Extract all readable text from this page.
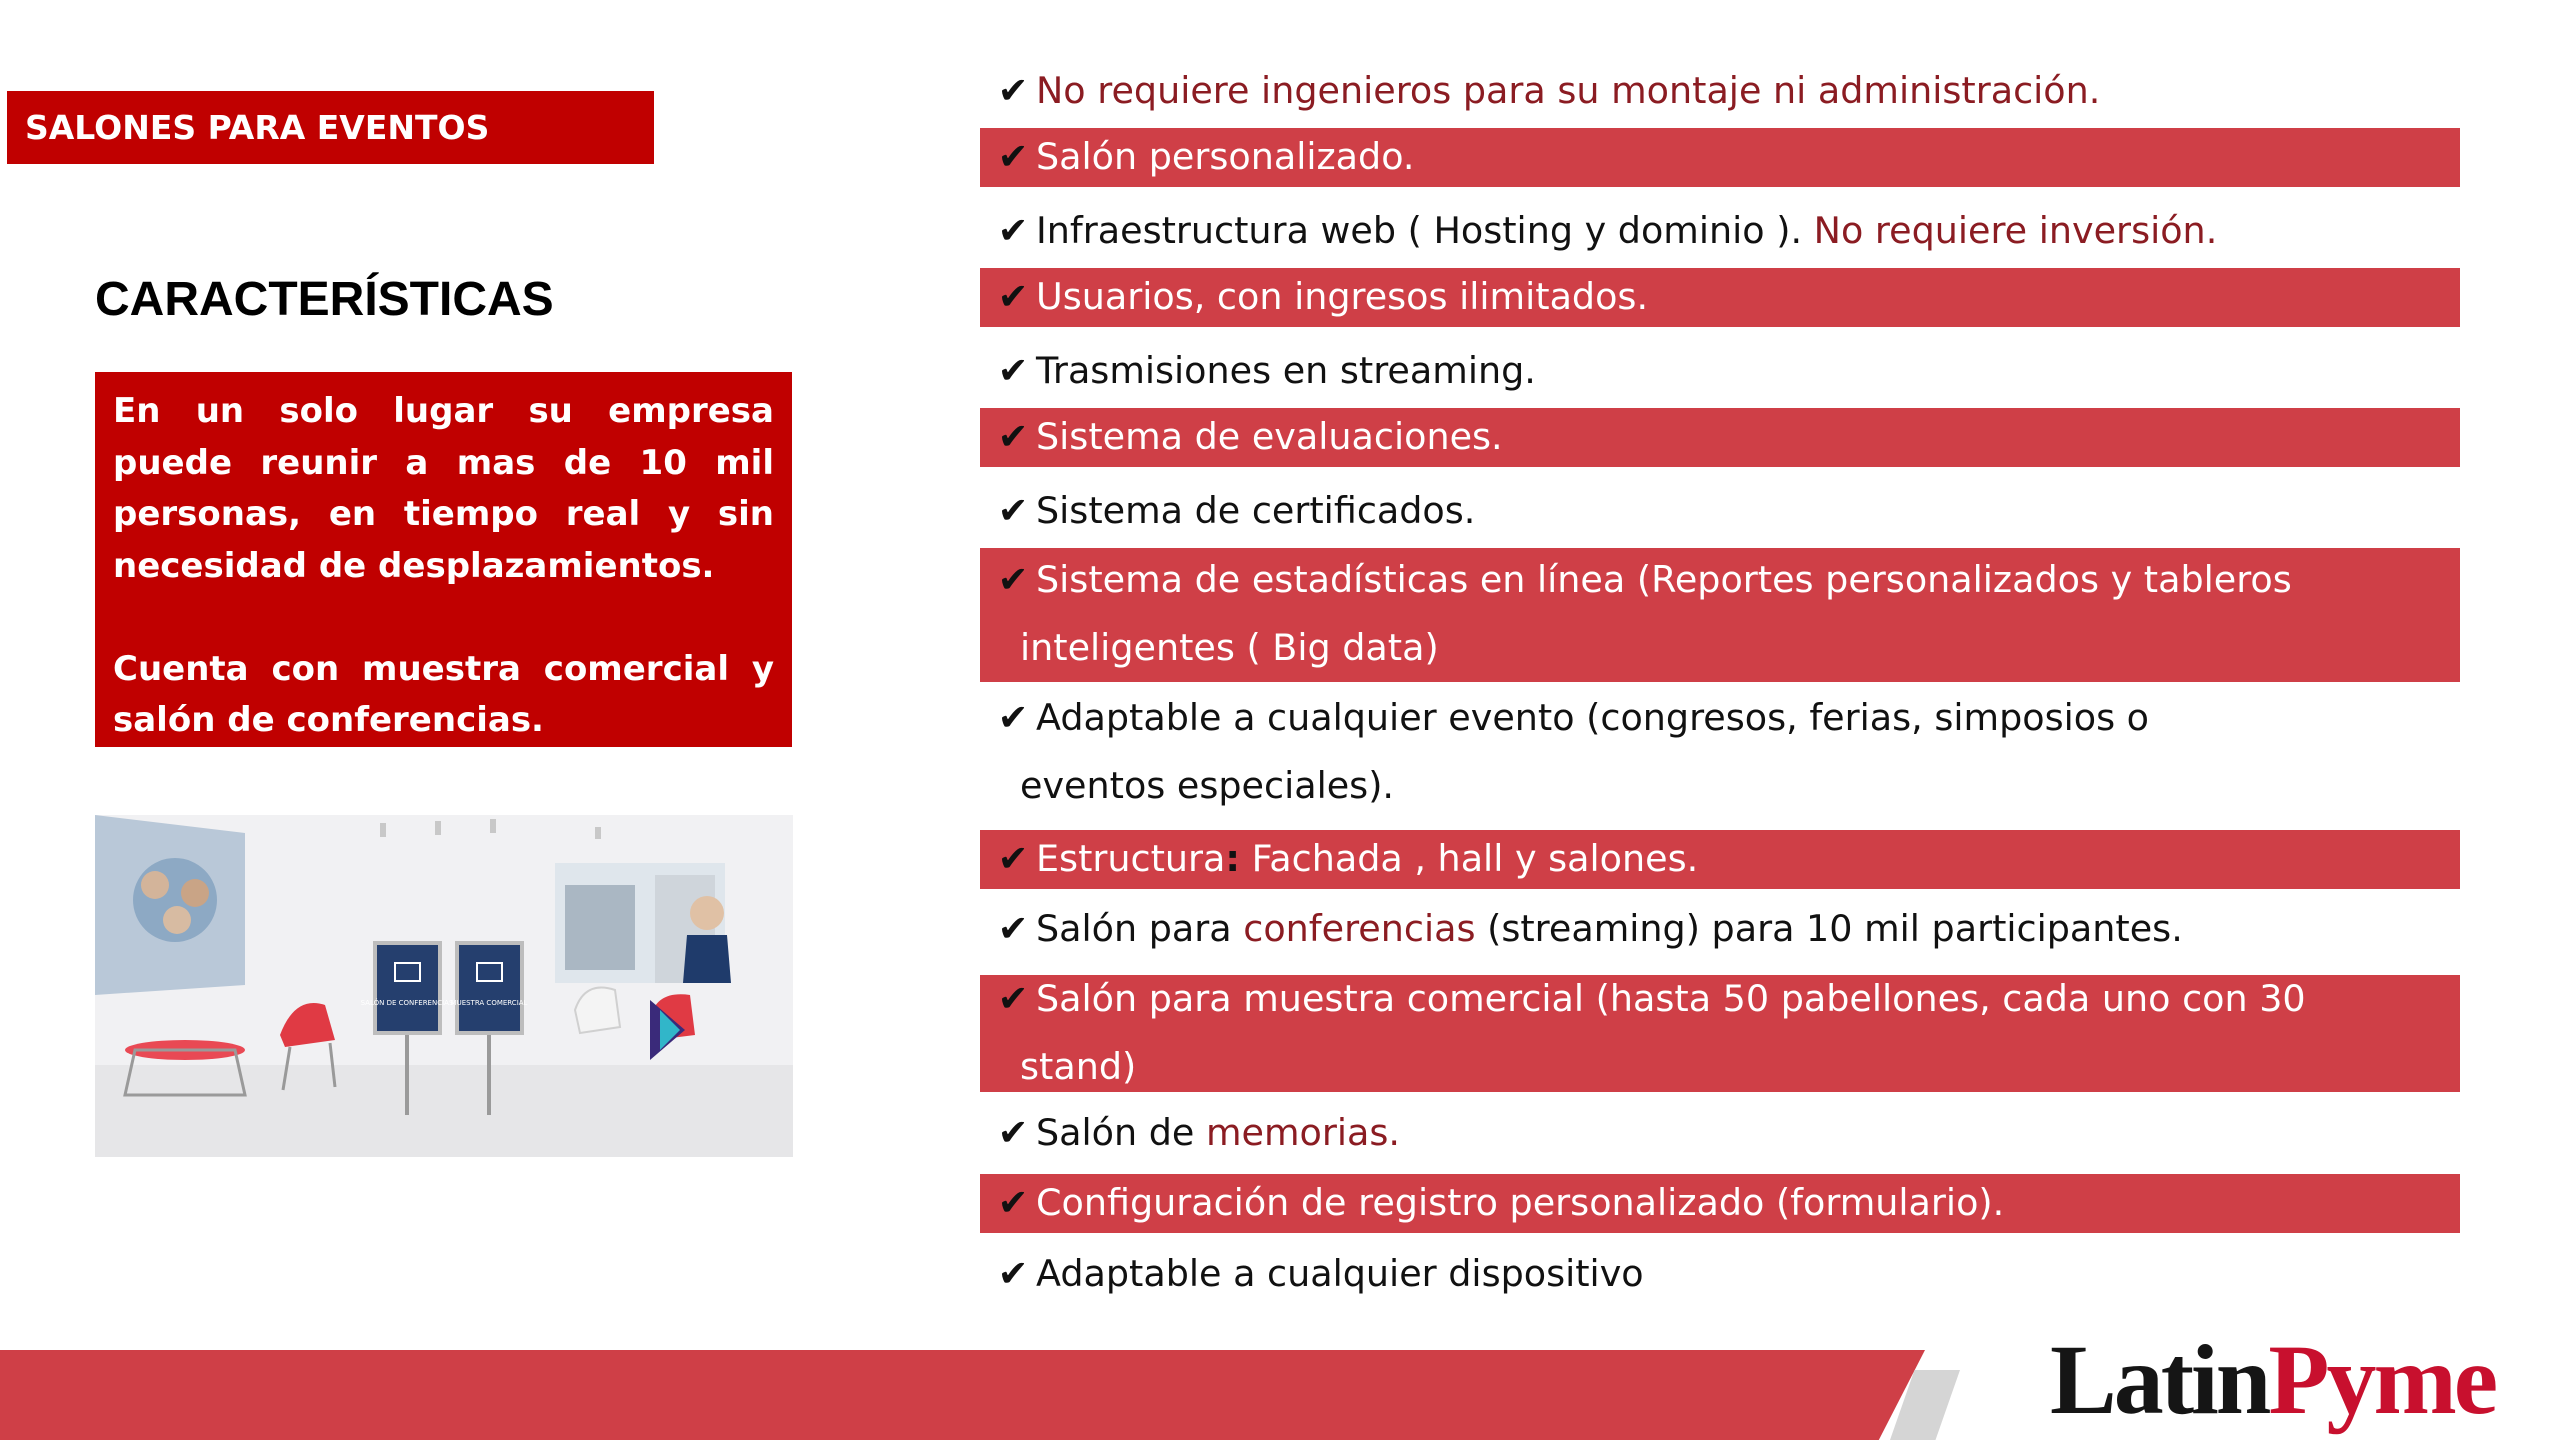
SALONES PARA EVENTOS
CARACTERÍSTICAS

En un solo lugar su empresa puede reunir a mas de 10 mil personas, en tiempo real y sin necesidad de desplazamientos.

Cuenta con muestra comercial y salón de conferencias.

SALÓN DE CONFERENCIAS
MUESTRA COMERCIAL
✔ No requiere ingenieros para su montaje ni administración.
✔ Salón personalizado.
✔ Infraestructura web ( Hosting y dominio ). No requiere inversión.
✔ Usuarios, con ingresos ilimitados.
✔ Trasmisiones en streaming.
✔ Sistema de evaluaciones.
✔ Sistema de certificados.
✔ Sistema de estadísticas en línea (Reportes personalizados y tableros
inteligentes ( Big data)
✔ Adaptable a cualquier evento (congresos, ferias, simposios o
eventos especiales).
✔ Estructura: Fachada , hall y salones.
✔ Salón para conferencias (streaming) para 10 mil participantes.
✔ Salón para muestra comercial (hasta 50 pabellones, cada uno con 30
stand)
✔ Salón de memorias.
✔ Configuración de registro personalizado (formulario).
✔ Adaptable a cualquier dispositivo
LatinPyme
